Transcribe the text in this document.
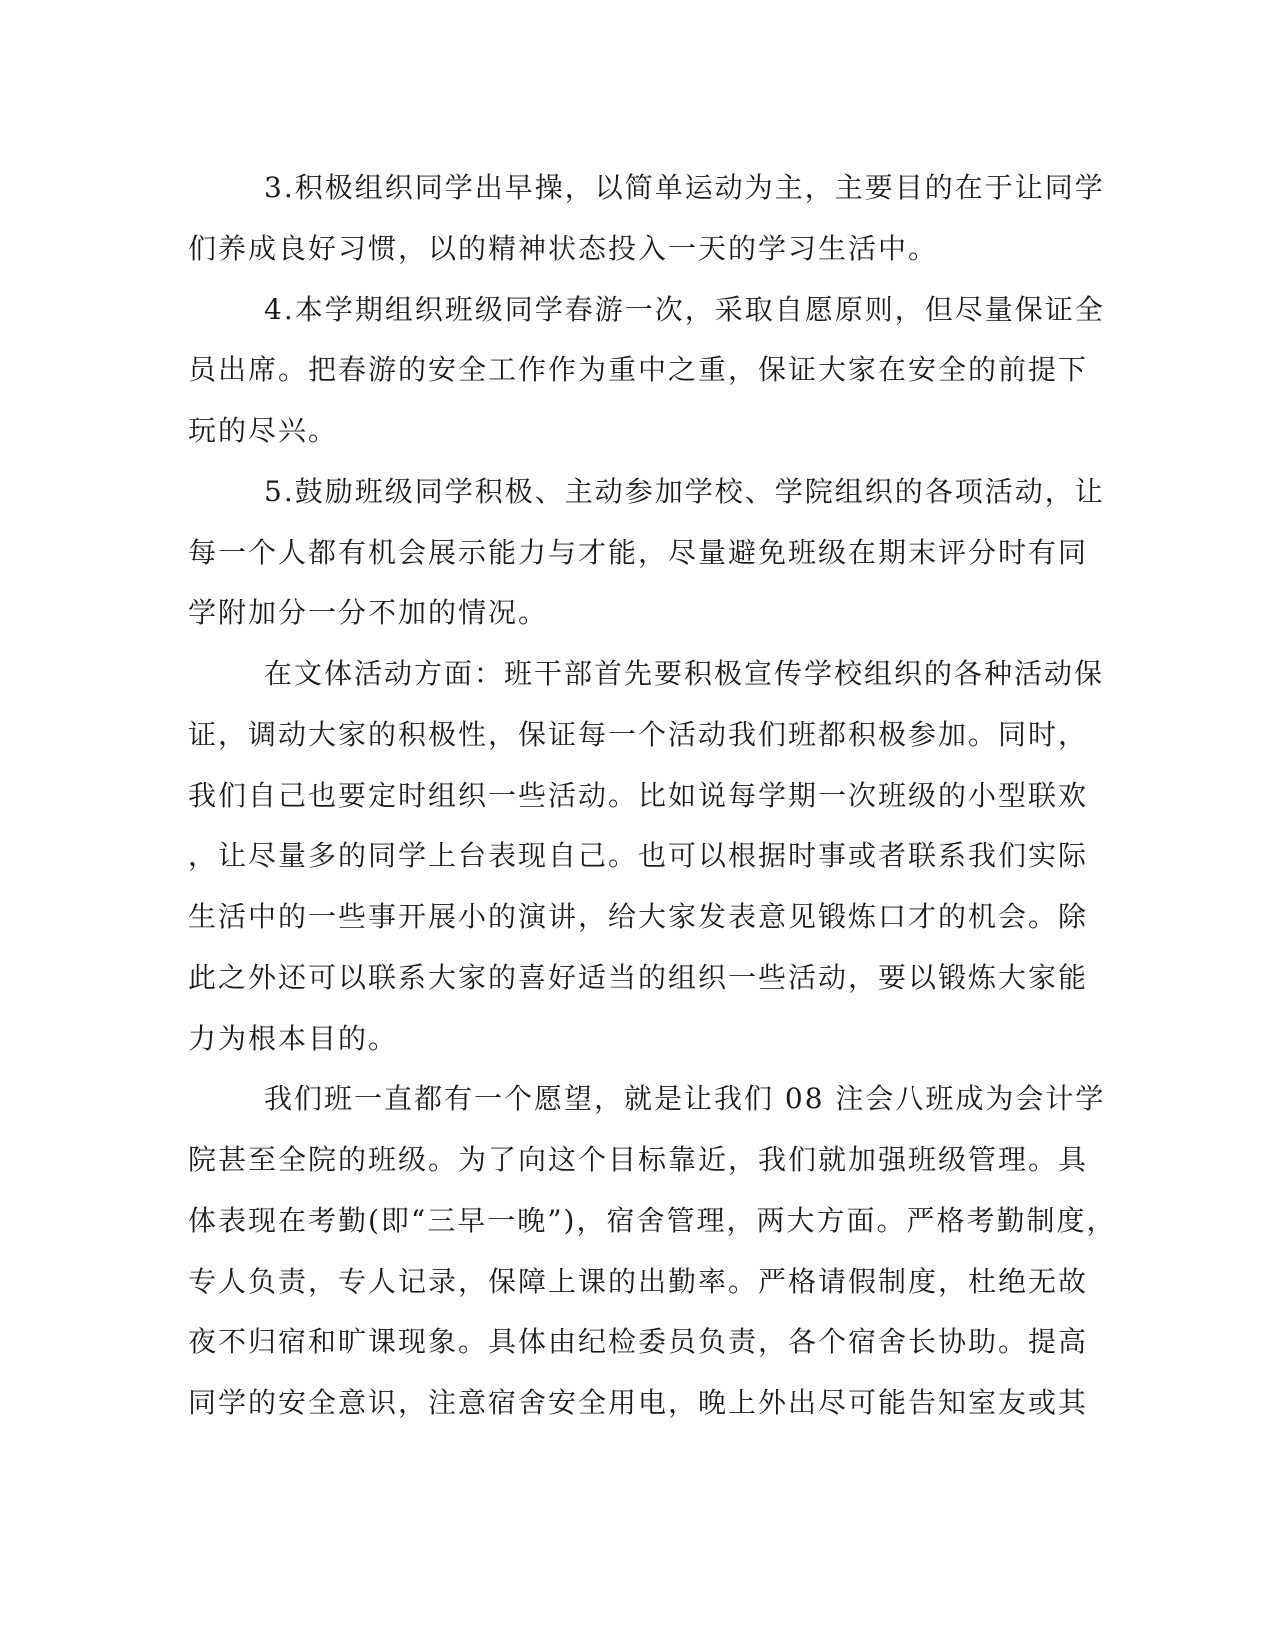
3.积极组织同学出早操，以简单运动为主，主要目的在于让同学
们养成良好习惯，以的精神状态投入一天的学习生活中。
4.本学期组织班级同学春游一次，采取自愿原则，但尽量保证全
员出席。把春游的安全工作作为重中之重，保证大家在安全的前提下
玩的尽兴。
5.鼓励班级同学积极、主动参加学校、学院组织的各项活动，让
每一个人都有机会展示能力与才能，尽量避免班级在期末评分时有同
学附加分一分不加的情况。
在文体活动方面：班干部首先要积极宣传学校组织的各种活动保
证，调动大家的积极性，保证每一个活动我们班都积极参加。同时，
我们自己也要定时组织一些活动。比如说每学期一次班级的小型联欢
，让尽量多的同学上台表现自己。也可以根据时事或者联系我们实际
生活中的一些事开展小的演讲，给大家发表意见锻炼口才的机会。除
此之外还可以联系大家的喜好适当的组织一些活动，要以锻炼大家能
力为根本目的。
我们班一直都有一个愿望，就是让我们 08 注会八班成为会计学
院甚至全院的班级。为了向这个目标靠近，我们就加强班级管理。具
体表现在考勤(即“三早一晚”)，宿舍管理，两大方面。严格考勤制度，
专人负责，专人记录，保障上课的出勤率。严格请假制度，杜绝无故
夜不归宿和旷课现象。具体由纪检委员负责，各个宿舍长协助。提高
同学的安全意识，注意宿舍安全用电，晚上外出尽可能告知室友或其
